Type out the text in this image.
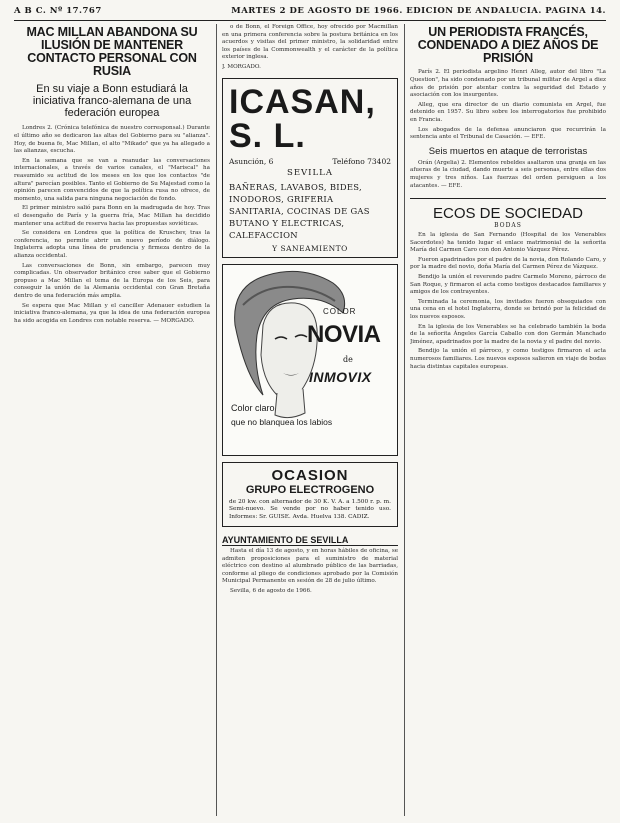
A B C. Nº 17.767	MARTES 2 DE AGOSTO DE 1966. EDICION DE ANDALUCIA. PAGINA 14.
MAC MILLAN ABANDONA SU ILUSIÓN DE MANTENER CONTACTO PERSONAL CON RUSIA
En su viaje a Bonn estudiará la iniciativa franco-alemana de una federación europea

Londres 2. (Crónica telefónica de nuestro corresponsal.) Durante el último año se dedicaron las altas del Gobierno para su "alianza". Hoy, de buena fe, Mac Millan, el alto "Mikado" que ya ha allegado a las alianzas, escucha.

En la semana que se van a reanudar las conversaciones internacionales, a través de varios canales, el "Mariscal" ha reasumido su actitud de los meses en los que los contactos "de altura" parecían posibles. Tanto el Gobierno de Su Majestad como la opinión parecen convencidos de que la política rusa no ofrece, de momento, una salida para ninguna negociación de fondo.

El primer ministro salió para Bonn en la madrugada de hoy. Tras el desengaño de París y la guerra fría, Mac Millan ha decidido mantener una actitud de reserva hacia las propuestas soviéticas.

Se considera en Londres que la política de Kruschev, tras la conferencia, no permite abrir un nuevo período de diálogo. Inglaterra adopta una línea de prudencia y firmeza dentro de la alianza occidental.

Las conversaciones de Bonn, sin embargo, parecen muy complicadas. Un observador británico cree saber que el Gobierno propuso a Mac Millan el tema de la Europa de los Seis, para conseguir la unión de la Alemania occidental con Gran Bretaña dentro de una federación más amplia.

Se espera que Mac Millan y el canciller Adenauer estudien la iniciativa franco-alemana, ya que la idea de una federación europea ha sido acogida en Londres con notable reserva. — MORGADO.

o de Bonn, el Foreign Office, hoy ofrecido por Macmillan en una primera conferencia sobre la postura británica en los acuerdos y visitas del primer ministro, la solidaridad entre los países de la Commonwealth y el carácter de la política exterior inglesa.

J. MORGADO.
ICASAN, S. L.
Asunción, 6	Teléfono 73402
SEVILLA
BAÑERAS, LAVABOS, BIDES, INODOROS, GRIFERIA SANITARIA, COCINAS DE GAS BUTANO Y ELECTRICAS, CALEFACCION
Y SANEAMIENTO
COLOR
NOVIA
de
INMOVIX
Color claro
que no blanquea los labios
OCASION
GRUPO ELECTROGENO
de 20 kw. con alternador de 30 K. V. A. a 1.500 r. p. m. Semi-nuevo. Se vende por no haber tenido uso. Informes: Sr. GUISE. Avda. Huelva 138. CADIZ.
AYUNTAMIENTO DE SEVILLA

Hasta el día 13 de agosto, y en horas hábiles de oficina, se admiten proposiciones para el suministro de material eléctrico con destino al alumbrado público de las barriadas, conforme al pliego de condiciones aprobado por la Comisión Municipal Permanente en sesión de 28 de julio último.

Sevilla, 6 de agosto de 1966.

UN PERIODISTA FRANCÉS, CONDENADO A DIEZ AÑOS DE PRISIÓN

París 2. El periodista argelino Henri Alleg, autor del libro "La Question", ha sido condenado por un tribunal militar de Argel a diez años de prisión por atentar contra la seguridad del Estado y asociación con los insurgentes.

Alleg, que era director de un diario comunista en Argel, fue detenido en 1957. Su libro sobre los interrogatorios fue prohibido en Francia.

Los abogados de la defensa anunciaron que recurrirán la sentencia ante el Tribunal de Casación. — EFE.

Seis muertos en ataque de terroristas

Orán (Argelia) 2. Elementos rebeldes asaltaron una granja en las afueras de la ciudad, dando muerte a seis personas, entre ellas dos mujeres y tres niños. Las fuerzas del orden persiguen a los atacantes. — EFE.

ECOS DE SOCIEDAD
BODAS

En la iglesia de San Fernando (Hospital de los Venerables Sacerdotes) ha tenido lugar el enlace matrimonial de la señorita María del Carmen Caro con don Antonio Vázquez Pérez.

Fueron apadrinados por el padre de la novia, don Rolando Caro, y por la madre del novio, doña María del Carmen Pérez de Vázquez.

Bendijo la unión el reverendo padre Carmelo Moreno, párroco de San Roque, y firmaron el acta como testigos destacados familiares y amigos de los contrayentes.

Terminada la ceremonia, los invitados fueron obsequiados con una cena en el hotel Inglaterra, donde se brindó por la felicidad de los nuevos esposos.

En la iglesia de los Venerables se ha celebrado también la boda de la señorita Ángeles García Caballo con don Germán Manchado Jiménez, apadrinados por la madre de la novia y el padre del novio.

Bendijo la unión el párroco, y como testigos firmaron el acta numerosos familiares. Los nuevos esposos salieron en viaje de bodas hacia distintas capitales europeas.
